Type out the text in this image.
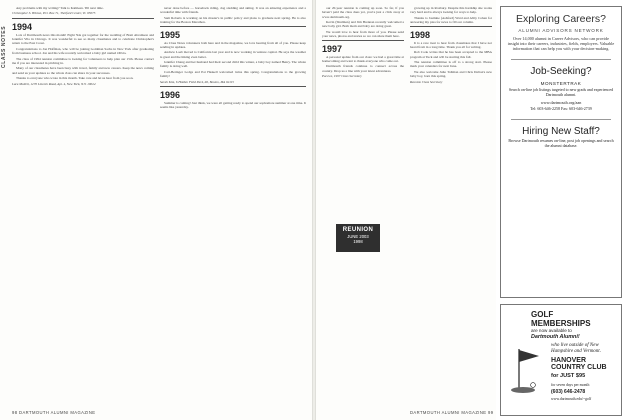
CLASS NOTES
Any problems with my writing? Talk to Kathleen. Till next time.
Christopher S. Hinton, P.O. Box 71, Thetford Center, Vt. 05075
1994
Lots of Dartmouth news this month! Eight '94s got together for the wedding of Brett Abramson and Jennifer Vila in Chicago. It was wonderful to see so many classmates and to celebrate Christopher's return to the East Coast.
Congratulations to Jon Hoffman, who will be joining Goldman Sachs in New York after graduating from business school. Jon and his wife recently welcomed a baby girl named Olivia.
The class of 1994 reunion committee is looking for volunteers to help plan our 15th. Please contact me if you are interested in pitching in.
Many of our classmates have been busy with travel, family and new careers. Keep the news coming and send us your updates so the whole class can share in your successes.
Thanks to everyone who wrote in this month. Take care and let us hear from you soon.
Lara Mollett, 1270 Lincoln Road, Apt. 4, New York, N.Y. 10024
never done before — horseback riding, dog sledding and skiing. It was an amazing experience and a wonderful time with friends.
Sam Roberts is working on his master's in public policy and plans to graduate next spring. He is also training for the Boston Marathon.
1995
As Class Notes volunteers both here and in the magazine, we love hearing from all of you. Please keep sending in updates.
Andrew Loeb moved to California last year and is now working in venture capital. He says the weather is great and the hiking even better.
Jennifer Chang and her husband had their second child this winter, a baby boy named Henry. The whole family is doing well.
Cari-Beringer Lodge and Pat Haskell welcomed twins this spring. Congratulations to the growing family!
Sarah Kim, 6 Holden Field Park, #6, Boston, MA 02115
1996
Summer is coming! Just think, we were all getting ready to spend our sophomore summer at one time. It seems like yesterday.
98 DARTMOUTH ALUMNI MAGAZINE
our 20-year reunion is coming up soon. So far, if you haven't paid the class dues yet, you're just a click away at www.dartmouth.org.
Kevin (Shulman) and Jim Brennan recently welcomed a new baby girl. Both mom and baby are doing great.
We would love to hear from more of you. Please send your news, photos and stories so we can share them here.
1997
A personal update from our class: we had a great time at homecoming and want to thank everyone who came out.
Dartmouth friends continue to connect across the country. Drop us a line with your latest adventures.
Pat Lee, 1997 Class Secretary
growing up in Roxbury. Despite this hardship she works very hard and is always looking for ways to help.
Thanks to Jasmine (Ashford) Ward and Abby Cohen for answering my plea for news to fill our column.
1998
It is a rare treat to hear from classmates that I have not heard from in a long time. Thank you all for writing.
Rob Cook writes that he has been accepted to the MBA program at Tuck and will be starting this fall.
The reunion committee is off to a strong start. Please mark your calendars for next June.
We also welcome Julie Tollman and Chris Dalton's new baby boy, born this spring.
Reunion Class Secretary
DARTMOUTH ALUMNI MAGAZINE 99
REUNION
JUNE 2003
1998
Exploring Careers?
ALUMNI ADVISORS NETWORK
Over 14,000 alumni in Career Advisors, who can provide insight into their careers, industries, fields, employers. Valuable information that can help you with your decision-making.
Job-Seeking?
MONSTERTRAK
Search on-line job listings targeted to new grads and experienced Dartmouth alumni.
www.dartmouth.org/aan
Tel: 603-646-2258 Fax: 603-646-2739
Hiring New Staff?
Browse Dartmouth resumes on-line, post job openings and search the alumni database.
GOLF
MEMBERSHIPS
are now available to
Dartmouth Alumni!
who live outside of New Hampshire and Vermont.
HANOVER COUNTRY CLUB
for JUST $95
for seven days per month
(603) 646-2478
www.dartmouth.edu/~golf
